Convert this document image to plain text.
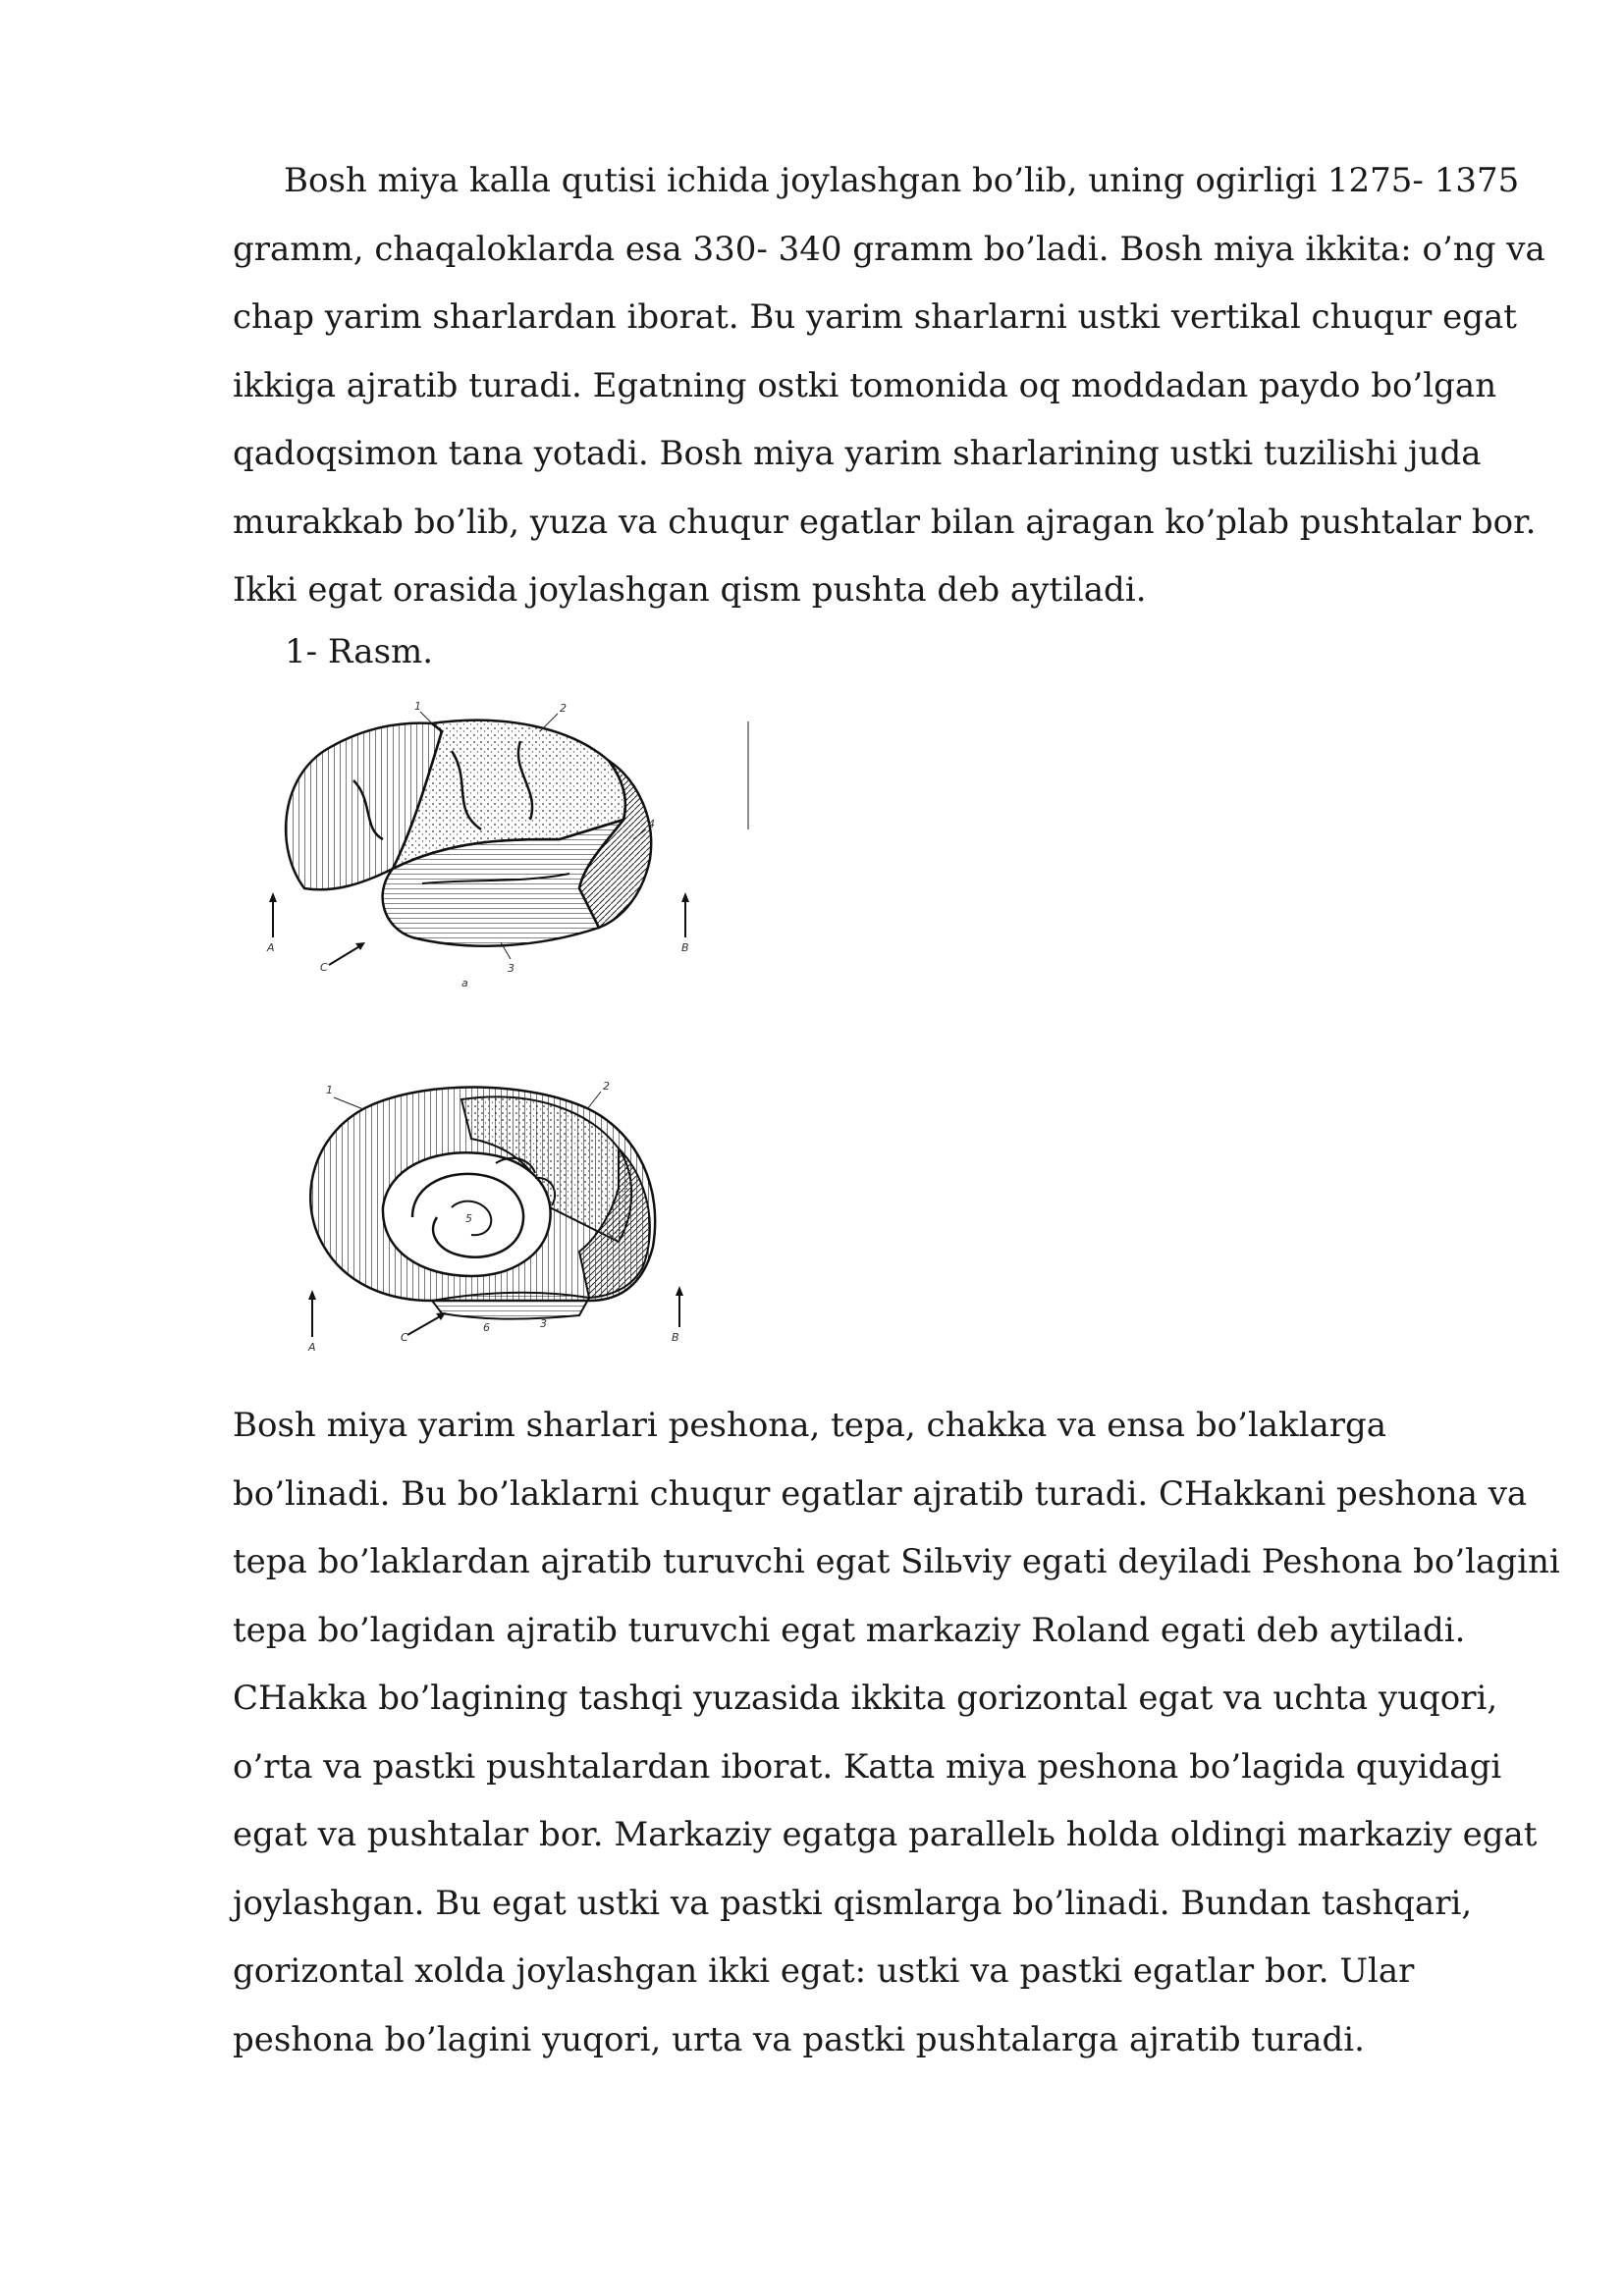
Bosh miya kalla qutisi ichida joylashgan bo’lib, uning ogirligi 1275- 1375
gramm, chaqaloklarda esa 330- 340 gramm bo’ladi. Bosh miya ikkita: o’ng va
chap yarim sharlardan iborat. Bu yarim sharlarni ustki vertikal chuqur egat
ikkiga ajratib turadi. Egatning ostki tomonida oq moddadan paydo bo’lgan
qadoqsimon tana yotadi. Bosh miya yarim sharlarining ustki tuzilishi juda
murakkab bo’lib, yuza va chuqur egatlar bilan ajragan ko’plab pushtalar bor.
Ikki egat orasida joylashgan qism pushta deb aytiladi.

1- Rasm.

1	2
3
4
A	B
C
a
1	2
3
5
6
A
B
C
λ
Bosh miya yarim sharlari peshona, tepa, chakka va ensa bo’laklarga
bo’linadi. Bu bo’laklarni chuqur egatlar ajratib turadi. CHakkani peshona va
tepa bo’laklardan ajratib turuvchi egat Silьviy egati deyiladi Peshona bo’lagini
tepa bo’lagidan ajratib turuvchi egat markaziy Roland egati deb aytiladi.
CHakka bo’lagining tashqi yuzasida ikkita gorizontal egat va uchta yuqori,
o’rta va pastki pushtalardan iborat. Katta miya peshona bo’lagida quyidagi
egat va pushtalar bor. Markaziy egatga parallelь holda oldingi markaziy egat
joylashgan. Bu egat ustki va pastki qismlarga bo’linadi. Bundan tashqari,
gorizontal xolda joylashgan ikki egat: ustki va pastki egatlar bor. Ular
peshona bo’lagini yuqori, urta va pastki pushtalarga ajratib turadi.
